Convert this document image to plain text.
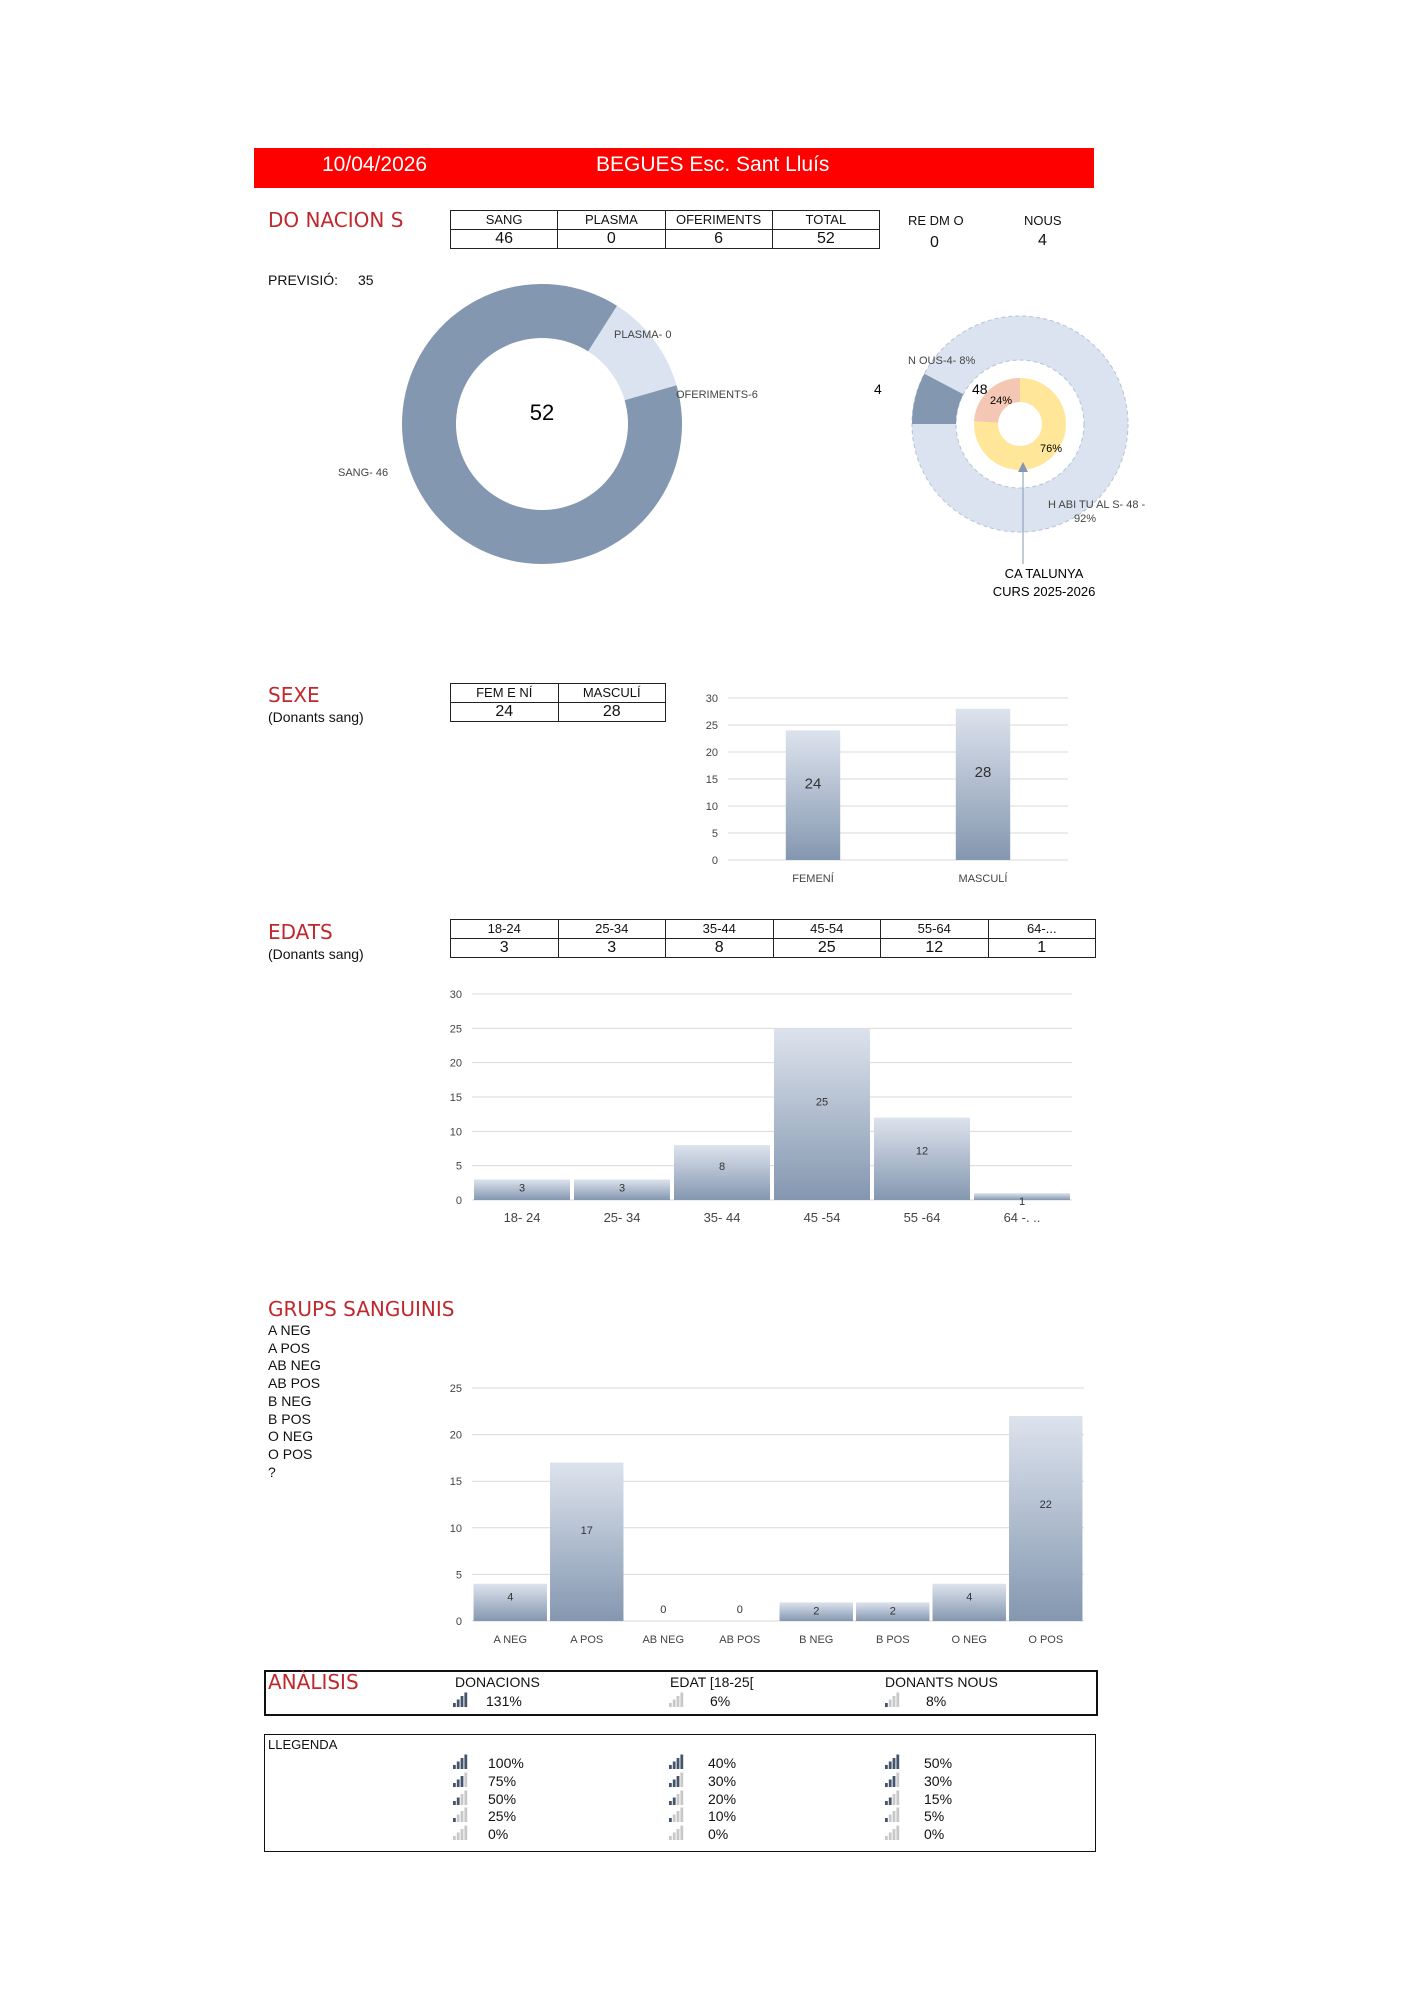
10/04/2026	BEGUES Esc. Sant Lluís
DO NACION S	SANG	PLASMA	OFERIMENTS	TOTAL
46	0	6	52
RE DM O
0
NOUS
4
PREVISIÓ: 35
52
PLASMA- 0
OFERIMENTS-6
SANG- 46
N OUS-4- 8%
4	48
24%
76%
H ABI TU AL S- 48 -
92%
CA TALUNYA
CURS 2025-2026
SEXE
(Donants sang)
FEM E NÍ	MASCULÍ
24	28
0
5
10
15
20
25
30
24
FEMENÍ
28
MASCULÍ
EDATS
(Donants sang)
18-24	25-34	35-44	45-54	55-64	64-...
3	3	8	25	12	1
0
5
10
15
20
25
30
3
18- 24
3
25- 34
8
35- 44
25
45 -54
12
55 -64
1
64 -. ..
GRUPS SANGUINIS
A NEG
A POS
AB NEG
AB POS
B NEG
B POS
O NEG
O POS
?
0
5
10
15
20
25
4
A NEG
17
A POS
0
AB NEG
0
AB POS
2
B NEG
2
B POS
4
O NEG
22
O POS
ANÀLISIS	DONACIONS	EDAT [18-25[	DONANTS NOUS
131%	6%	8%
LLEGENDA
100%
75%
50%
25%
0%
40%
30%
20%
10%
0%
50%
30%
15%
5%
0%
